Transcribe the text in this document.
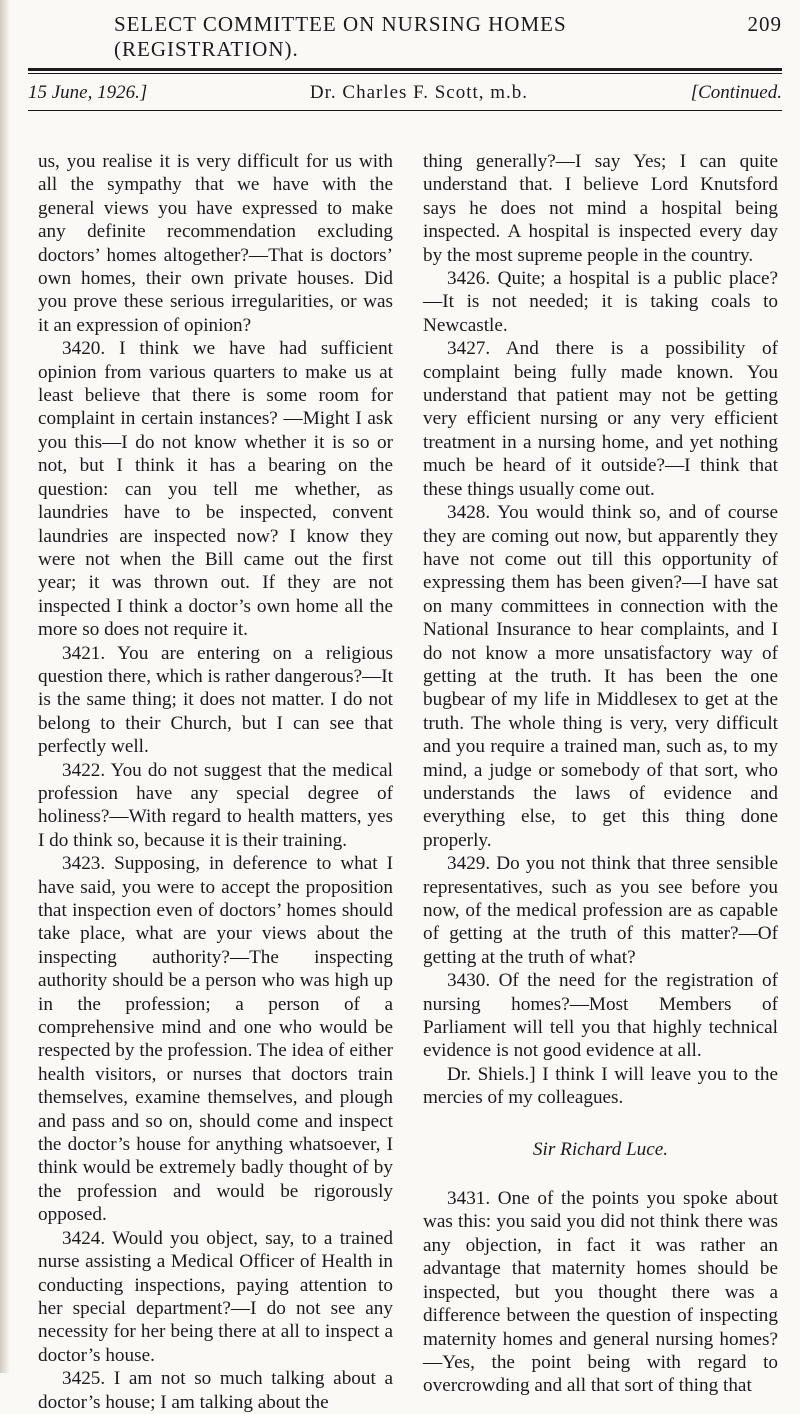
SELECT COMMITTEE ON NURSING HOMES (REGISTRATION).
209
15 June, 1926.]	Dr. Charles F. Scott, m.b.	[Continued.

us, you realise it is very difficult for us with all the sympathy that we have with the general views you have expressed to make any definite recommendation excluding doctors’ homes altogether?—That is doctors’ own homes, their own private houses. Did you prove these serious irregularities, or was it an expression of opinion?

3420. I think we have had sufficient opinion from various quarters to make us at least believe that there is some room for complaint in certain instances? —Might I ask you this—I do not know whether it is so or not, but I think it has a bearing on the question: can you tell me whether, as laundries have to be inspected, convent laundries are inspected now? I know they were not when the Bill came out the first year; it was thrown out. If they are not inspected I think a doctor’s own home all the more so does not require it.

3421. You are entering on a religious question there, which is rather dangerous?—It is the same thing; it does not matter. I do not belong to their Church, but I can see that perfectly well.

3422. You do not suggest that the medical profession have any special degree of holiness?—With regard to health matters, yes I do think so, because it is their training.

3423. Supposing, in deference to what I have said, you were to accept the proposition that inspection even of doctors’ homes should take place, what are your views about the inspecting authority?—The inspecting authority should be a person who was high up in the profession; a person of a comprehensive mind and one who would be respected by the profession. The idea of either health visitors, or nurses that doctors train themselves, examine themselves, and plough and pass and so on, should come and inspect the doctor’s house for anything whatsoever, I think would be extremely badly thought of by the profession and would be rigorously opposed.

3424. Would you object, say, to a trained nurse assisting a Medical Officer of Health in conducting inspections, paying attention to her special department?—I do not see any necessity for her being there at all to inspect a doctor’s house.

3425. I am not so much talking about a doctor’s house; I am talking about the

thing generally?—I say Yes; I can quite understand that. I believe Lord Knutsford says he does not mind a hospital being inspected. A hospital is inspected every day by the most supreme people in the country.

3426. Quite; a hospital is a public place?—It is not needed; it is taking coals to Newcastle.

3427. And there is a possibility of complaint being fully made known. You understand that patient may not be getting very efficient nursing or any very efficient treatment in a nursing home, and yet nothing much be heard of it outside?—I think that these things usually come out.

3428. You would think so, and of course they are coming out now, but apparently they have not come out till this opportunity of expressing them has been given?—I have sat on many committees in connection with the National Insurance to hear complaints, and I do not know a more unsatisfactory way of getting at the truth. It has been the one bugbear of my life in Middlesex to get at the truth. The whole thing is very, very difficult and you require a trained man, such as, to my mind, a judge or somebody of that sort, who understands the laws of evidence and everything else, to get this thing done properly.

3429. Do you not think that three sensible representatives, such as you see before you now, of the medical profession are as capable of getting at the truth of this matter?—Of getting at the truth of what?

3430. Of the need for the registration of nursing homes?—Most Members of Parliament will tell you that highly technical evidence is not good evidence at all.

Dr. Shiels.] I think I will leave you to the mercies of my colleagues.

Sir Richard Luce.

3431. One of the points you spoke about was this: you said you did not think there was any objection, in fact it was rather an advantage that maternity homes should be inspected, but you thought there was a difference between the question of inspecting maternity homes and general nursing homes?—Yes, the point being with regard to overcrowding and all that sort of thing that
